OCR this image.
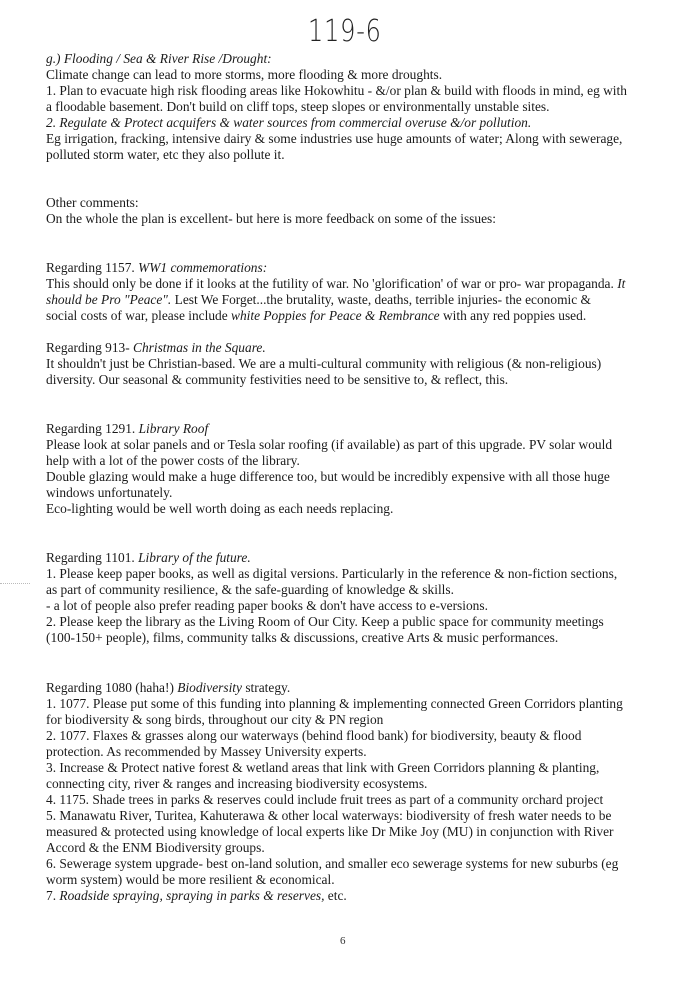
119-6
g.) Flooding / Sea & River Rise /Drought:
Climate change can lead to more storms, more flooding & more droughts.
1. Plan to evacuate high risk flooding areas like Hokowhitu - &/or plan & build with floods in mind, eg with
a floodable basement. Don't build on cliff tops, steep slopes or environmentally unstable sites.
2. Regulate & Protect acquifers & water sources from commercial overuse &/or pollution.
Eg irrigation, fracking, intensive dairy & some industries use huge amounts of water; Along with sewerage,
polluted storm water, etc they also pollute it.
Other comments:
On the whole the plan is excellent- but here is more feedback on some of the issues:
Regarding 1157. WW1 commemorations:
This should only be done if it looks at the futility of war. No 'glorification' of war or pro- war propaganda. It
should be Pro "Peace". Lest We Forget...the brutality, waste, deaths, terrible injuries- the economic &
social costs of war, please include white Poppies for Peace & Rembrance with any red poppies used.
Regarding 913- Christmas in the Square.
It shouldn't just be Christian-based. We are a multi-cultural community with religious (& non-religious)
diversity. Our seasonal & community festivities need to be sensitive to, & reflect, this.
Regarding 1291. Library Roof
Please look at solar panels and or Tesla solar roofing (if available) as part of this upgrade. PV solar would
help with a lot of the power costs of the library.
Double glazing would make a huge difference too, but would be incredibly expensive with all those huge
windows unfortunately.
Eco-lighting would be well worth doing as each needs replacing.
Regarding 1101. Library of the future.
1. Please keep paper books, as well as digital versions. Particularly in the reference & non-fiction sections,
as part of community resilience, & the safe-guarding of knowledge & skills.
- a lot of people also prefer reading paper books & don't have access to e-versions.
2. Please keep the library as the Living Room of Our City. Keep a public space for community meetings
(100-150+ people), films, community talks & discussions, creative Arts & music performances.
Regarding 1080 (haha!) Biodiversity strategy.
1. 1077. Please put some of this funding into planning & implementing connected Green Corridors planting
for biodiversity & song birds, throughout our city & PN region
2. 1077. Flaxes & grasses along our waterways (behind flood bank) for biodiversity, beauty & flood
protection. As recommended by Massey University experts.
3. Increase & Protect native forest & wetland areas that link with Green Corridors planning & planting,
connecting city, river & ranges and increasing biodiversity ecosystems.
4. 1175. Shade trees in parks & reserves could include fruit trees as part of a community orchard project
5. Manawatu River, Turitea, Kahuterawa & other local waterways: biodiversity of fresh water needs to be
measured & protected using knowledge of local experts like Dr Mike Joy (MU) in conjunction with River
Accord & the ENM Biodiversity groups.
6. Sewerage system upgrade- best on-land solution, and smaller eco sewerage systems for new suburbs (eg
worm system) would be more resilient & economical.
7. Roadside spraying, spraying in parks & reserves, etc.
6
